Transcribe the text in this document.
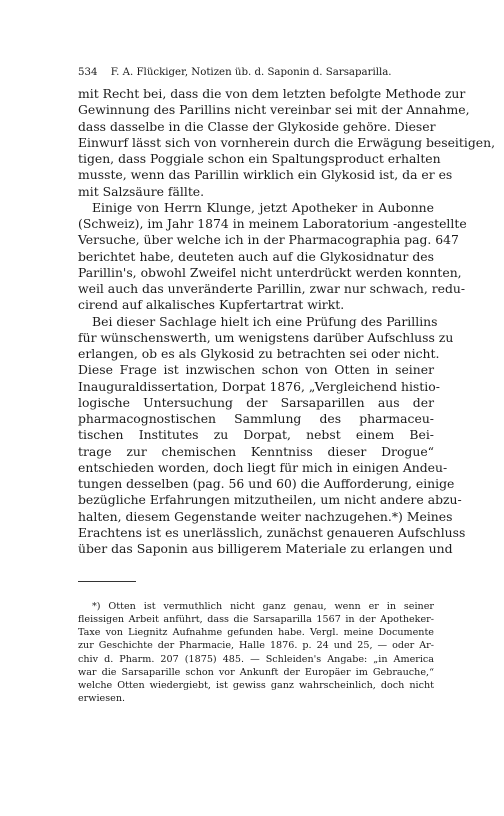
534 F. A. Flückiger, Notizen üb. d. Saponin d. Sarsaparilla.
mit Recht bei, dass die von dem letzten befolgte Methode zur
Gewinnung des Parillins nicht vereinbar sei mit der Annahme,
dass dasselbe in die Classe der Glykoside gehöre. Dieser
Einwurf lässt sich von vornherein durch die Erwägung beseitigen,
tigen, dass Poggiale schon ein Spaltungsproduct erhalten
musste, wenn das Parillin wirklich ein Glykosid ist, da er es
mit Salzsäure fällte.
Einige von Herrn Klunge, jetzt Apotheker in Aubonne
(Schweiz), im Jahr 1874 in meinem Laboratorium -angestellte
Versuche, über welche ich in der Pharmacographia pag. 647
berichtet habe, deuteten auch auf die Glykosidnatur des
Parillin's, obwohl Zweifel nicht unterdrückt werden konnten,
weil auch das unveränderte Parillin, zwar nur schwach, redu-
cirend auf alkalisches Kupfertartrat wirkt.
Bei dieser Sachlage hielt ich eine Prüfung des Parillins
für wünschenswerth, um wenigstens darüber Aufschluss zu
erlangen, ob es als Glykosid zu betrachten sei oder nicht.
Diese Frage ist inzwischen schon von Otten in seiner
Inauguraldissertation, Dorpat 1876, „Vergleichend histio-
logische Untersuchung der Sarsaparillen aus der
pharmacognostischen Sammlung des pharmaceu-
tischen Institutes zu Dorpat, nebst einem Bei-
trage zur chemischen Kenntniss dieser Drogue“
entschieden worden, doch liegt für mich in einigen Andeu-
tungen desselben (pag. 56 und 60) die Aufforderung, einige
bezügliche Erfahrungen mitzutheilen, um nicht andere abzu-
halten, diesem Gegenstande weiter nachzugehen.*) Meines
Erachtens ist es unerlässlich, zunächst genaueren Aufschluss
über das Saponin aus billigerem Materiale zu erlangen und
*) Otten ist vermuthlich nicht ganz genau, wenn er in seiner
fleissigen Arbeit anführt, dass die Sarsaparilla 1567 in der Apotheker-
Taxe von Liegnitz Aufnahme gefunden habe. Vergl. meine Documente
zur Geschichte der Pharmacie, Halle 1876. p. 24 und 25, — oder Ar-
chiv d. Pharm. 207 (1875) 485. — Schleiden's Angabe: „in America
war die Sarsaparille schon vor Ankunft der Europäer im Gebrauche,“
welche Otten wiedergiebt, ist gewiss ganz wahrscheinlich, doch nicht
erwiesen.
